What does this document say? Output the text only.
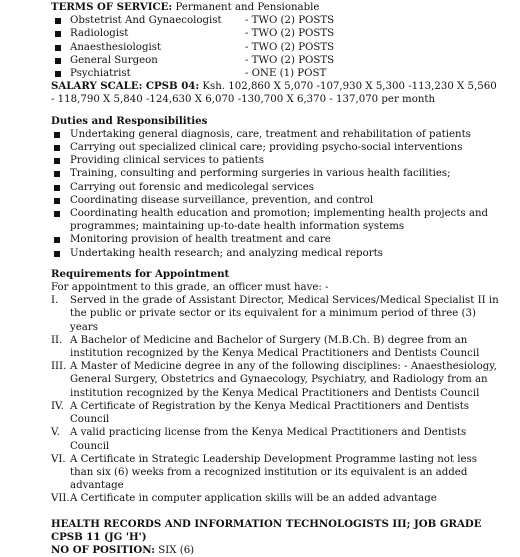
TERMS OF SERVICE: Permanent and Pensionable
Obstetrist And Gynaecologist	- TWO (2) POSTS
Radiologist	- TWO (2) POSTS
Anaesthesiologist	- TWO (2) POSTS
General Surgeon	- TWO (2) POSTS
Psychiatrist	- ONE (1) POST
SALARY SCALE: CPSB 04: Ksh. 102,860 X 5,070 -107,930 X 5,300 -113,230 X 5,560 - 118,790 X 5,840 -124,630 X 6,070 -130,700 X 6,370 - 137,070 per month
Duties and Responsibilities
Undertaking general diagnosis, care, treatment and rehabilitation of patients
Carrying out specialized clinical care; providing psycho-social interventions
Providing clinical services to patients
Training, consulting and performing surgeries in various health facilities;
Carrying out forensic and medicolegal services
Coordinating disease surveillance, prevention, and control
Coordinating health education and promotion; implementing health projects and programmes; maintaining up-to-date health information systems
Monitoring provision of health treatment and care
Undertaking health research; and analyzing medical reports
Requirements for Appointment
For appointment to this grade, an officer must have: -
I. Served in the grade of Assistant Director, Medical Services/Medical Specialist II in the public or private sector or its equivalent for a minimum period of three (3) years
II. A Bachelor of Medicine and Bachelor of Surgery (M.B.Ch. B) degree from an institution recognized by the Kenya Medical Practitioners and Dentists Council
III. A Master of Medicine degree in any of the following disciplines: - Anaesthesiology, General Surgery, Obstetrics and Gynaecology, Psychiatry, and Radiology from an institution recognized by the Kenya Medical Practitioners and Dentists Council
IV. A Certificate of Registration by the Kenya Medical Practitioners and Dentists Council
V. A valid practicing license from the Kenya Medical Practitioners and Dentists Council
VI. A Certificate in Strategic Leadership Development Programme lasting not less than six (6) weeks from a recognized institution or its equivalent is an added advantage
VII. A Certificate in computer application skills will be an added advantage
HEALTH RECORDS AND INFORMATION TECHNOLOGISTS III; JOB GRADE CPSB 11 (JG 'H')
NO OF POSITION: SIX (6)
